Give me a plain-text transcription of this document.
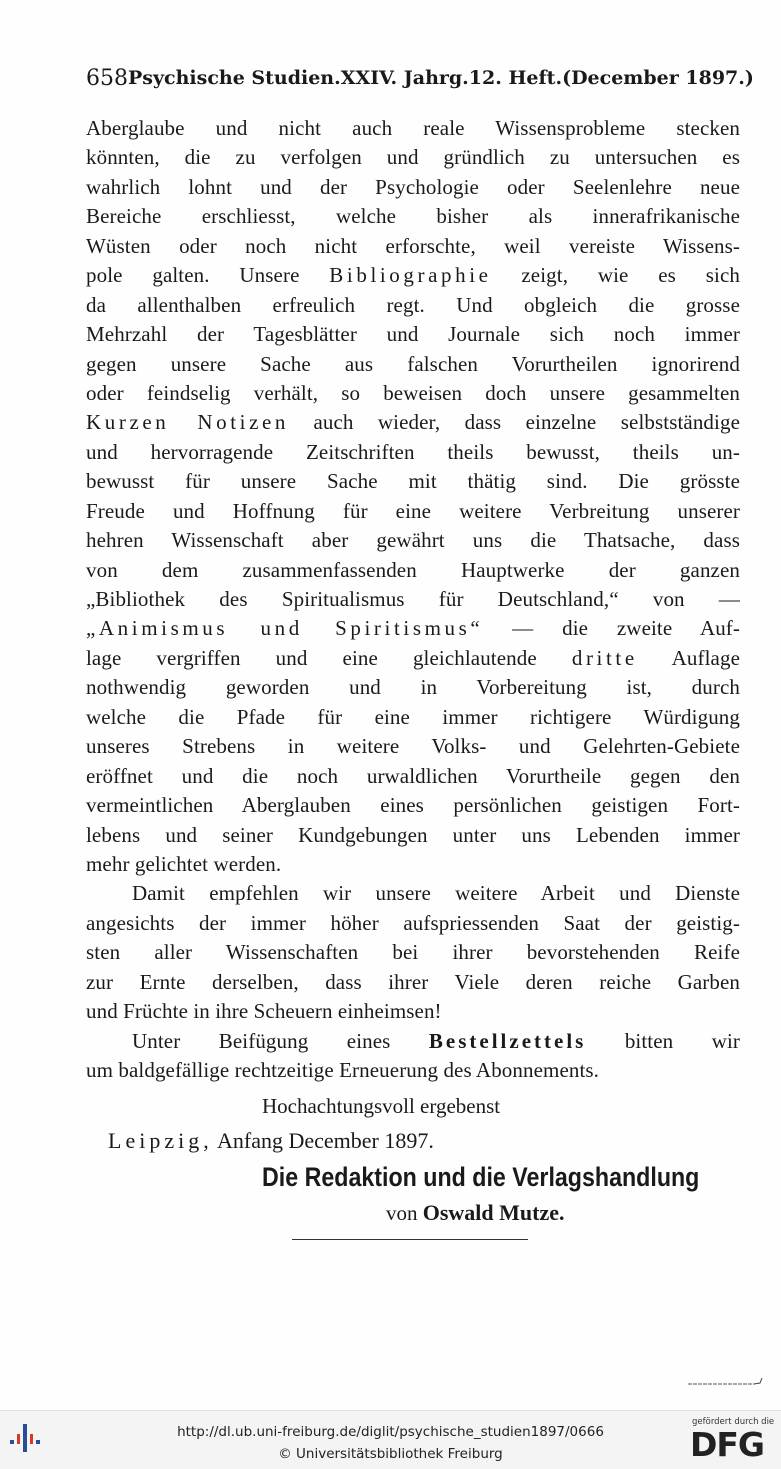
658 Psychische Studien. XXIV. Jahrg. 12. Heft. (December 1897.)
Aberglaube und nicht auch reale Wissensprobleme stecken
könnten, die zu verfolgen und gründlich zu untersuchen es
wahrlich lohnt und der Psychologie oder Seelenlehre neue
Bereiche erschliesst, welche bisher als innerafrikanische
Wüsten oder noch nicht erforschte, weil vereiste Wissens-
pole galten. Unsere Bibliographie zeigt, wie es sich
da allenthalben erfreulich regt. Und obgleich die grosse
Mehrzahl der Tagesblätter und Journale sich noch immer
gegen unsere Sache aus falschen Vorurtheilen ignorirend
oder feindselig verhält, so beweisen doch unsere gesammelten
Kurzen Notizen auch wieder, dass einzelne selbstständige
und hervorragende Zeitschriften theils bewusst, theils un-
bewusst für unsere Sache mit thätig sind. Die grösste
Freude und Hoffnung für eine weitere Verbreitung unserer
hehren Wissenschaft aber gewährt uns die Thatsache, dass
von dem zusammenfassenden Hauptwerke der ganzen
„Bibliothek des Spiritualismus für Deutschland,“ von —
„Animismus und Spiritismus“ — die zweite Auf-
lage vergriffen und eine gleichlautende dritte Auflage
nothwendig geworden und in Vorbereitung ist, durch
welche die Pfade für eine immer richtigere Würdigung
unseres Strebens in weitere Volks- und Gelehrten-Gebiete
eröffnet und die noch urwaldlichen Vorurtheile gegen den
vermeintlichen Aberglauben eines persönlichen geistigen Fort-
lebens und seiner Kundgebungen unter uns Lebenden immer
mehr gelichtet werden.
Damit empfehlen wir unsere weitere Arbeit und Dienste
angesichts der immer höher aufspriessenden Saat der geistig-
sten aller Wissenschaften bei ihrer bevorstehenden Reife
zur Ernte derselben, dass ihrer Viele deren reiche Garben
und Früchte in ihre Scheuern einheimsen!
Unter Beifügung eines Bestellzettels bitten wir
um baldgefällige rechtzeitige Erneuerung des Abonnements.
Hochachtungsvoll ergebenst
Leipzig, Anfang December 1897.
Die Redaktion und die Verlagshandlung
von Oswald Mutze.
http://dl.ub.uni-freiburg.de/diglit/psychische_studien1897/0666
© Universitätsbibliothek Freiburg
gefördert durch die
DFG
